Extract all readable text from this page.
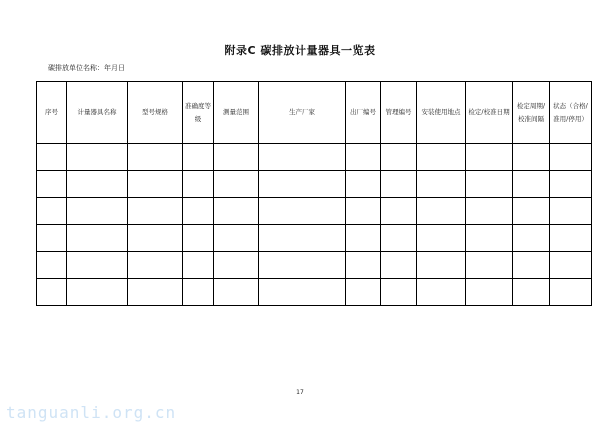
附录C 碳排放计量器具一览表
碳排放单位名称：年月日
序号	计量器具名称	型号规格	准确度等级	测量范围	生产厂家	出厂编号	管理编号	安装使用地点	检定/校准日期	检定周期/校准间隔	状态（合格/准用/停用）

17
tanguanli.org.cn
